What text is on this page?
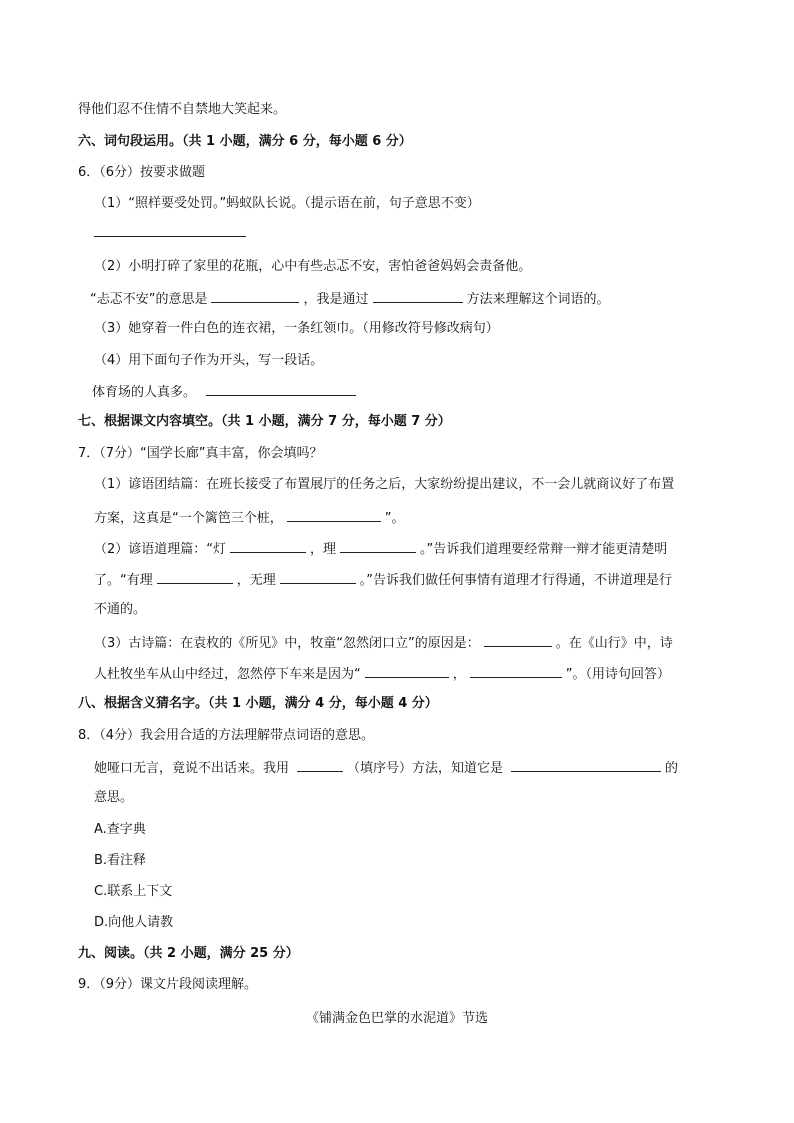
得他们忍不住情不自禁地大笑起来。
六、词句段运用。（共 1 小题，满分 6 分，每小题 6 分）
6．（6分）按要求做题
（1）“照样要受处罚。”蚂蚁队长说。（提示语在前，句子意思不变）
（2）小明打碎了家里的花瓶，心中有些忐忑不安，害怕爸爸妈妈会责备他。
“忐忑不安”的意思是	，我是通过	方法来理解这个词语的。
（3）她穿着一件白色的连衣裙，一条红领巾。（用修改符号修改病句）
（4）用下面句子作为开头，写一段话。
体育场的人真多。
七、根据课文内容填空。（共 1 小题，满分 7 分，每小题 7 分）
7．（7分）“国学长廊”真丰富，你会填吗？
（1）谚语团结篇：在班长接受了布置展厅的任务之后，大家纷纷提出建议，不一会儿就商议好了布置
方案，这真是“一个篱笆三个桩，	”。
（2）谚语道理篇：“灯	，理	。”告诉我们道理要经常辩一辩才能更清楚明
了。“有理	，无理	。”告诉我们做任何事情有道理才行得通，不讲道理是行
不通的。
（3）古诗篇：在袁枚的《所见》中，牧童“忽然闭口立”的原因是：	。在《山行》中，诗
人杜牧坐车从山中经过，忽然停下车来是因为“	，	”。（用诗句回答）
八、根据含义猜名字。（共 1 小题，满分 4 分，每小题 4 分）
8．（4分）我会用合适的方法理解带点词语的意思。
她哑口无言，竟说不出话来。我用	（填序号）方法，知道它是	的
意思。
A.查字典
B.看注释
C.联系上下文
D.向他人请教
九、阅读。（共 2 小题，满分 25 分）
9．（9分）课文片段阅读理解。
《铺满金色巴掌的水泥道》节选
